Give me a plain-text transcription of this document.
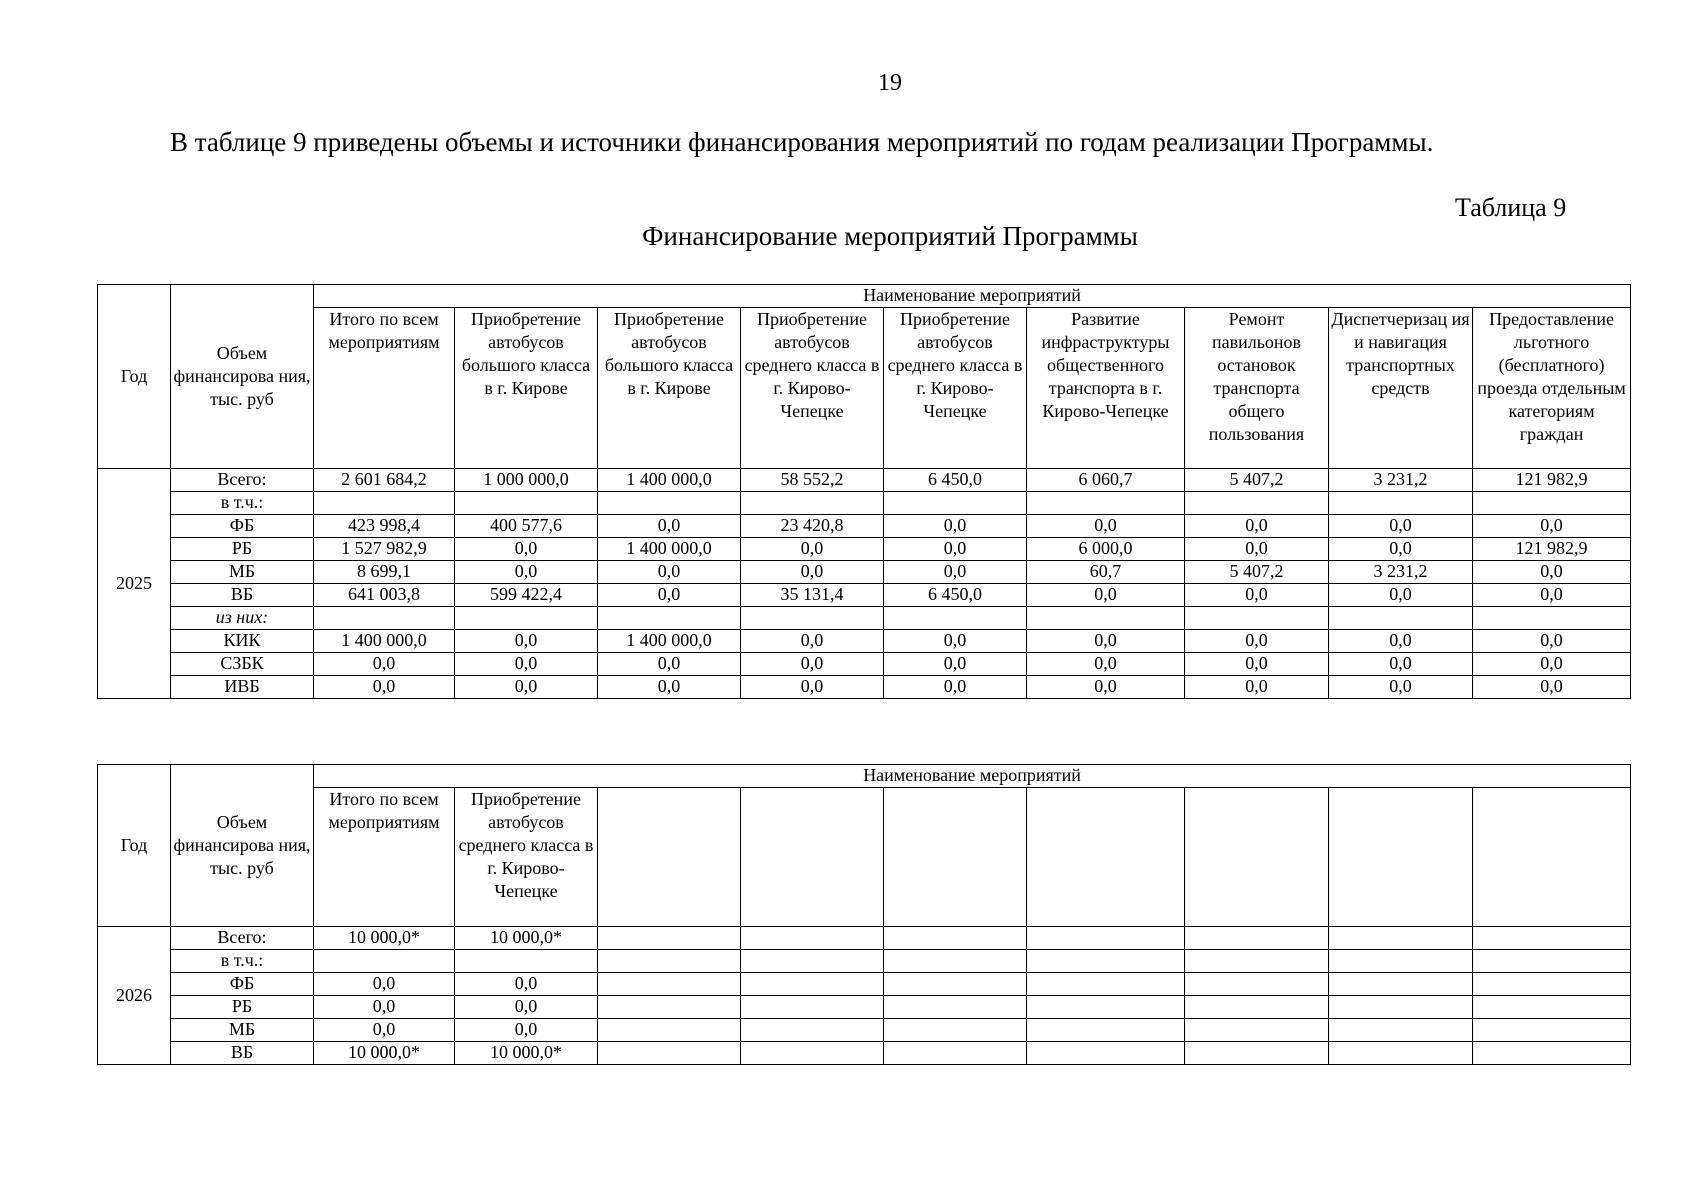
19
В таблице 9 приведены объемы и источники финансирования мероприятий по годам реализации Программы.
Таблица 9
Финансирование мероприятий Программы
Год	Объем финансирова ния, тыс. руб	Наименование мероприятий								
		Итого по всем мероприятиям	Приобретение автобусов большого класса в г. Кирове	Приобретение автобусов большого класса в г. Кирове	Приобретение автобусов среднего класса в г. Кирово-Чепецке	Приобретение автобусов среднего класса в г. Кирово-Чепецке	Развитие инфраструктуры общественного транспорта в г. Кирово-Чепецке	Ремонт павильонов остановок транспорта общего пользования	Диспетчеризац ия и навигация транспортных средств	Предоставление льготного (бесплатного) проезда отдельным категориям граждан
2025	Всего:	2 601 684,2	1 000 000,0	1 400 000,0	58 552,2	6 450,0	6 060,7	5 407,2	3 231,2	121 982,9
	в т.ч.:									
	ФБ	423 998,4	400 577,6	0,0	23 420,8	0,0	0,0	0,0	0,0	0,0
	РБ	1 527 982,9	0,0	1 400 000,0	0,0	0,0	6 000,0	0,0	0,0	121 982,9
	МБ	8 699,1	0,0	0,0	0,0	0,0	60,7	5 407,2	3 231,2	0,0
	ВБ	641 003,8	599 422,4	0,0	35 131,4	6 450,0	0,0	0,0	0,0	0,0
	из них:									
	КИК	1 400 000,0	0,0	1 400 000,0	0,0	0,0	0,0	0,0	0,0	0,0
	СЗБК	0,0	0,0	0,0	0,0	0,0	0,0	0,0	0,0	0,0
	ИВБ	0,0	0,0	0,0	0,0	0,0	0,0	0,0	0,0	0,0
Год	Объем финансирова ния, тыс. руб	Наименование мероприятий								
		Итого по всем мероприятиям	Приобретение автобусов среднего класса в г. Кирово-Чепецке							
2026	Всего:	10 000,0*	10 000,0*							
	в т.ч.:									
	ФБ	0,0	0,0							
	РБ	0,0	0,0							
	МБ	0,0	0,0							
	ВБ	10 000,0*	10 000,0*							
